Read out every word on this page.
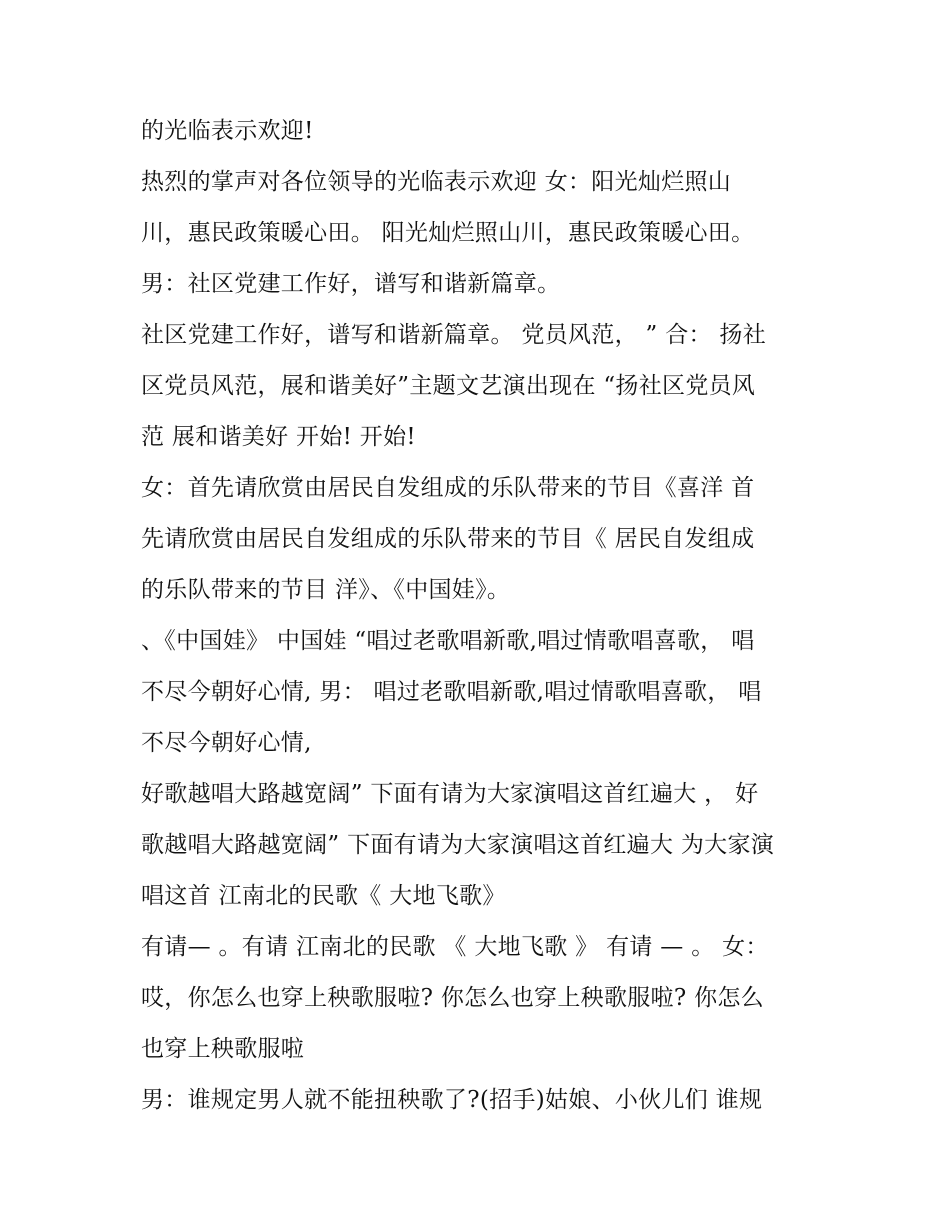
的光临表示欢迎!
热烈的掌声对各位领导的光临表示欢迎 女：阳光灿烂照山
川，惠民政策暖心田。 阳光灿烂照山川，惠民政策暖心田。
男：社区党建工作好，谱写和谐新篇章。
社区党建工作好，谱写和谐新篇章。 党员风范， ” 合： 扬社
区党员风范，展和谐美好”主题文艺演出现在 “扬社区党员风
范 展和谐美好 开始! 开始!
女：首先请欣赏由居民自发组成的乐队带来的节目《喜洋 首
先请欣赏由居民自发组成的乐队带来的节目《 居民自发组成
的乐队带来的节目 洋》、《中国娃》。
、《中国娃》 中国娃 “唱过老歌唱新歌,唱过情歌唱喜歌， 唱
不尽今朝好心情, 男： 唱过老歌唱新歌,唱过情歌唱喜歌， 唱
不尽今朝好心情,
好歌越唱大路越宽阔” 下面有请为大家演唱这首红遍大 ， 好
歌越唱大路越宽阔” 下面有请为大家演唱这首红遍大 为大家演
唱这首 江南北的民歌《 大地飞歌》
有请— 。有请 江南北的民歌 《 大地飞歌 》 有请 — 。 女：
哎，你怎么也穿上秧歌服啦? 你怎么也穿上秧歌服啦? 你怎么
也穿上秧歌服啦
男：谁规定男人就不能扭秧歌了?(招手)姑娘、小伙儿们 谁规
